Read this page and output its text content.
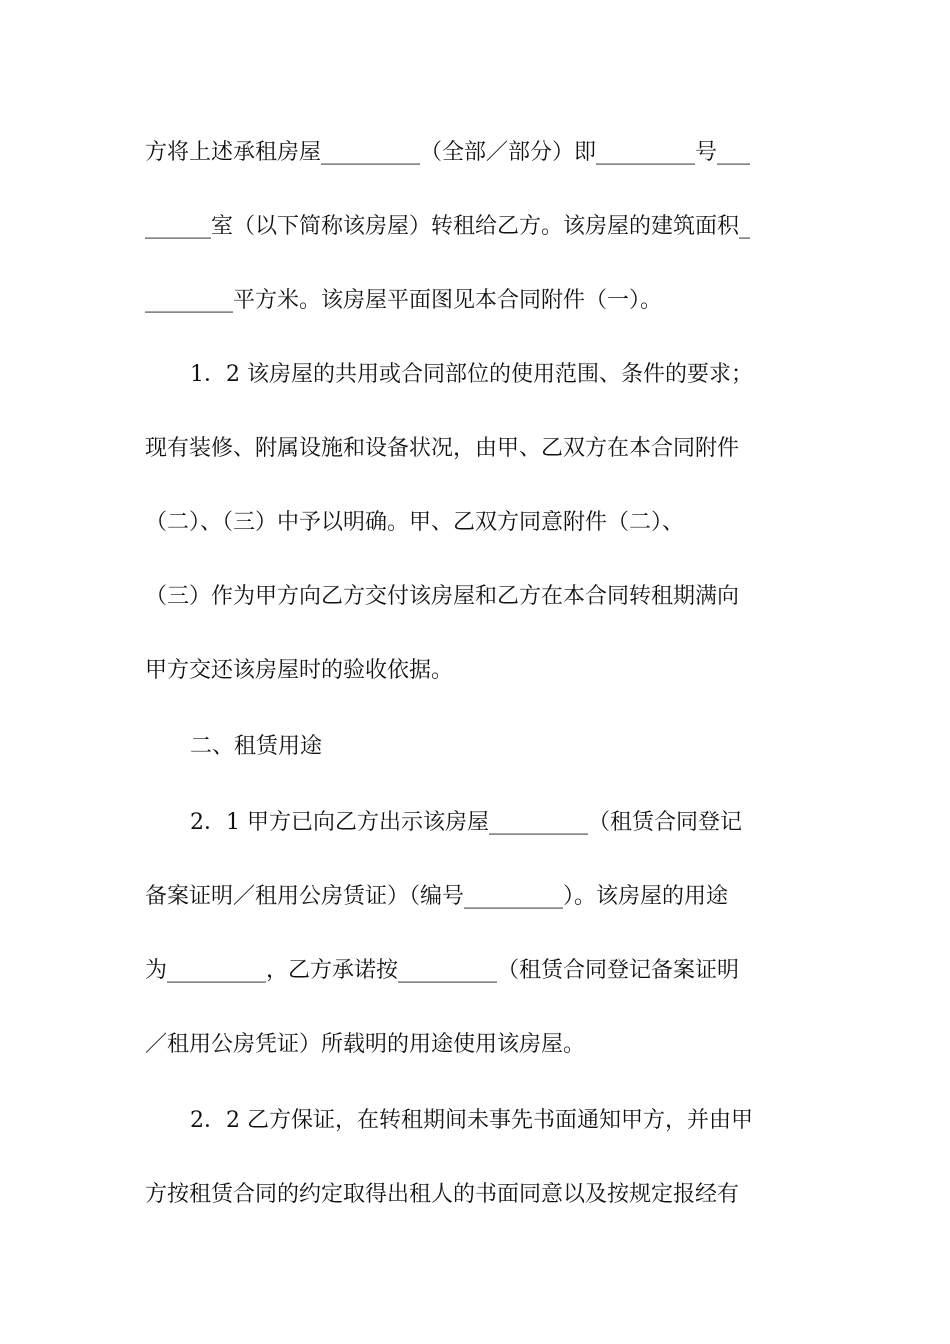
方将上述承租房屋_________（全部／部分）即_________号___
______室（以下简称该房屋）转租给乙方。该房屋的建筑面积_
________平方米。该房屋平面图见本合同附件（一）。
1．2 该房屋的共用或合同部位的使用范围、条件的要求；
现有装修、附属设施和设备状况，由甲、乙双方在本合同附件
（二）、（三）中予以明确。甲、乙双方同意附件（二）、
（三）作为甲方向乙方交付该房屋和乙方在本合同转租期满向
甲方交还该房屋时的验收依据。
二、租赁用途
2．1 甲方已向乙方出示该房屋_________（租赁合同登记
备案证明／租用公房赁证）（编号_________）。该房屋的用途
为_________，乙方承诺按_________（租赁合同登记备案证明
／租用公房凭证）所载明的用途使用该房屋。
2．2 乙方保证，在转租期间未事先书面通知甲方，并由甲
方按租赁合同的约定取得出租人的书面同意以及按规定报经有
